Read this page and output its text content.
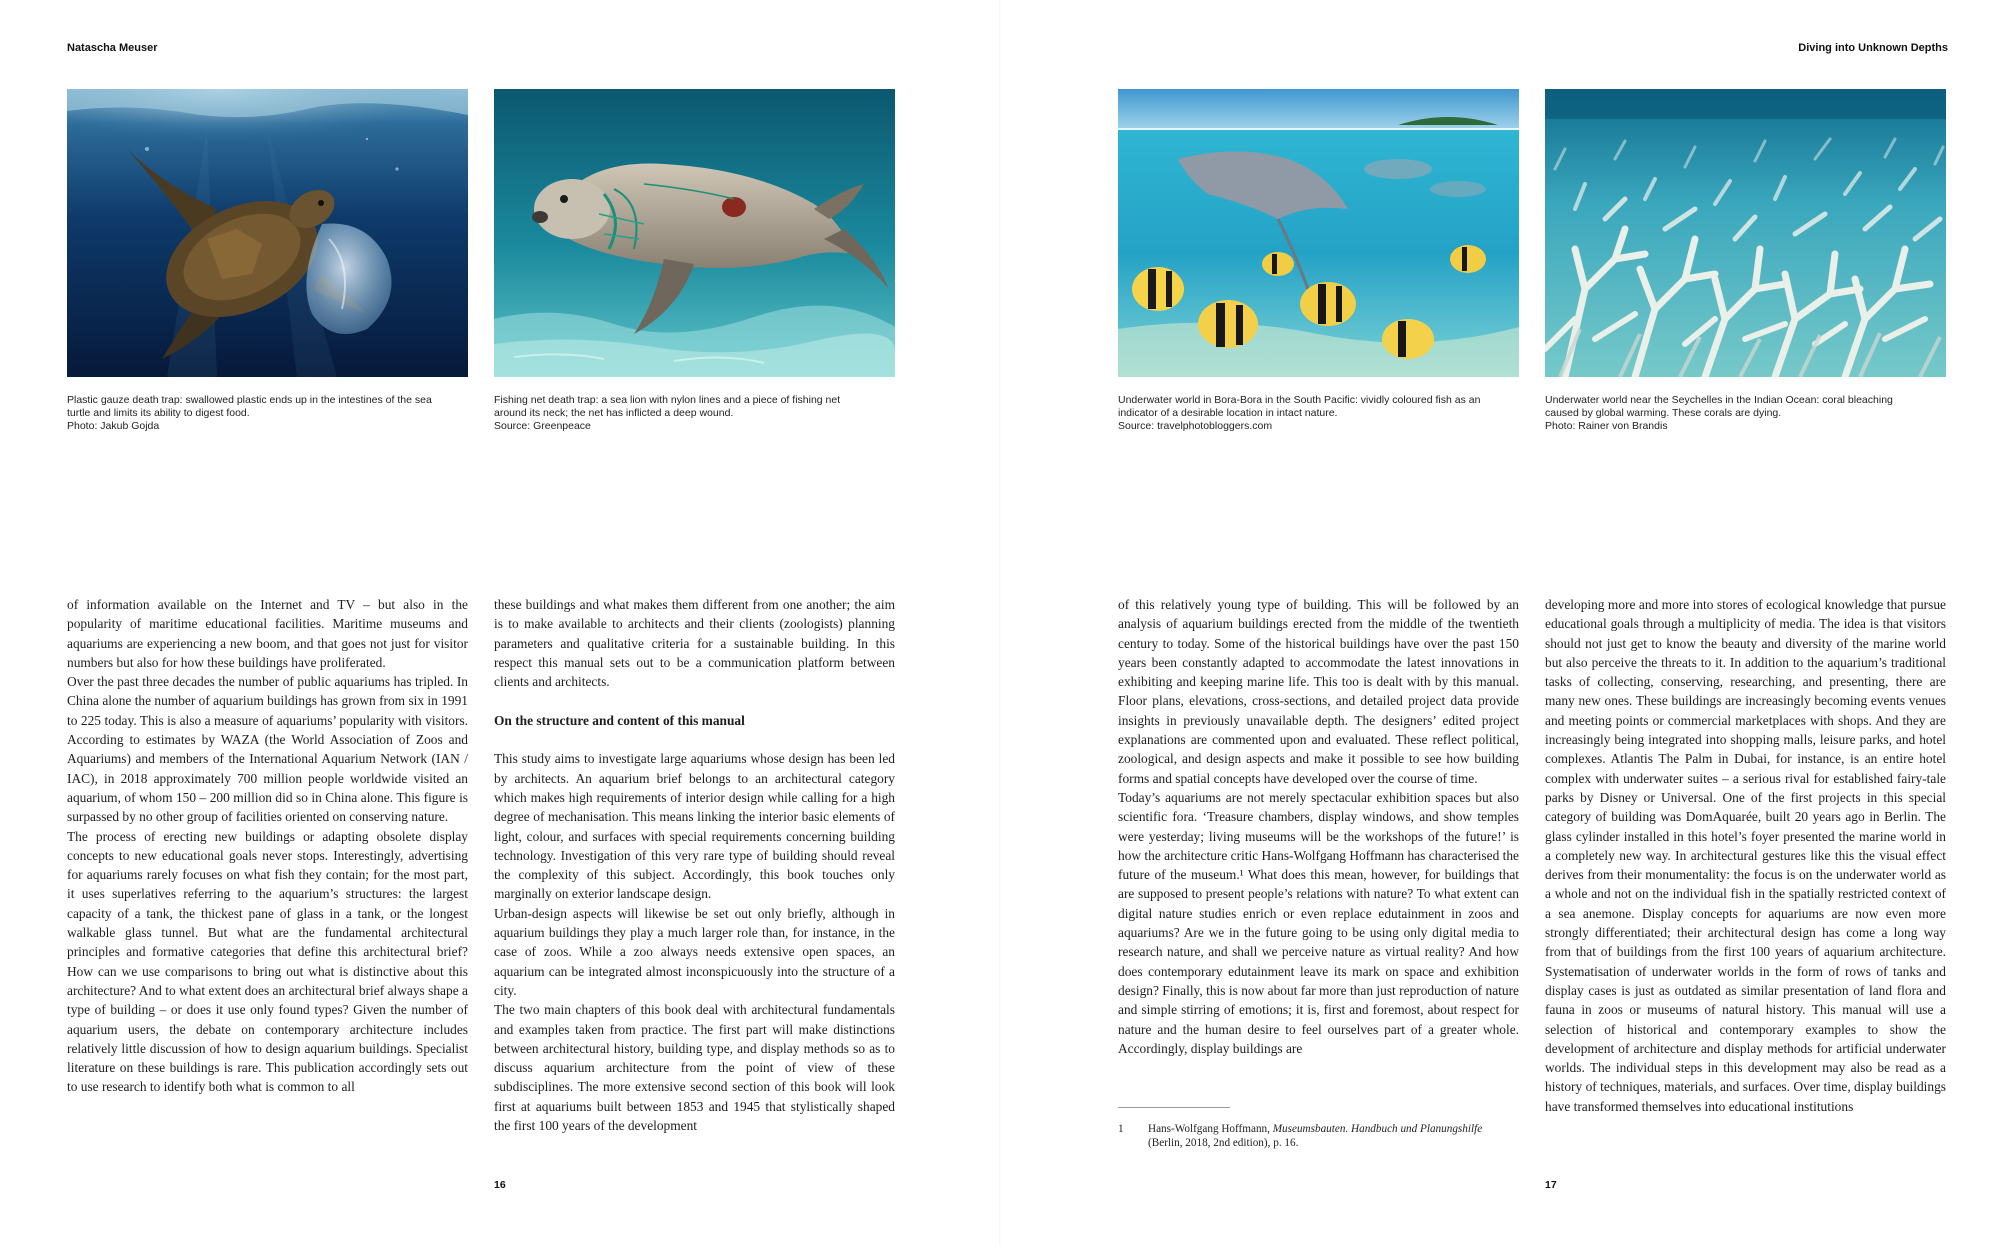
Natascha Meuser
Plastic gauze death trap: swallowed plastic ends up in the intestines of the sea
turtle and limits its ability to digest food.
Photo: Jakub Gojda
Fishing net death trap: a sea lion with nylon lines and a piece of fishing net
around its neck; the net has inflicted a deep wound.
Source: Greenpeace

of information available on the Internet and TV – but also in the popularity of maritime educational facilities. Maritime museums and aquariums are experiencing a new boom, and that goes not just for visitor numbers but also for how these buildings have proliferated.

Over the past three decades the number of public aquariums has tripled. In China alone the number of aquarium buildings has grown from six in 1991 to 225 today. This is also a measure of aquariums’ popularity with visitors. According to estimates by WAZA (the World Association of Zoos and Aquariums) and members of the International Aquarium Network (IAN / IAC), in 2018 approximately 700 million people worldwide visited an aquarium, of whom 150 – 200 million did so in China alone. This figure is surpassed by no other group of facilities oriented on conserving nature.

The process of erecting new buildings or adapting obsolete display concepts to new educational goals never stops. Interestingly, advertising for aquariums rarely focuses on what fish they contain; for the most part, it uses superlatives referring to the aquarium’s structures: the largest capacity of a tank, the thickest pane of glass in a tank, or the longest walkable glass tunnel. But what are the fundamental architectural principles and formative categories that define this architectural brief? How can we use comparisons to bring out what is distinctive about this architecture? And to what extent does an architectural brief always shape a type of building – or does it use only found types? Given the number of aquarium users, the debate on contemporary architecture includes relatively little discussion of how to design aquarium buildings. Specialist literature on these buildings is rare. This publication accordingly sets out to use research to identify both what is common to all

these buildings and what makes them different from one another; the aim is to make available to architects and their clients (zoologists) planning parameters and qualitative criteria for a sustainable building. In this respect this manual sets out to be a communication platform between clients and architects.

On the structure and content of this manual

This study aims to investigate large aquariums whose design has been led by architects. An aquarium brief belongs to an architectural category which makes high requirements of interior design while calling for a high degree of mechanisation. This means linking the interior basic elements of light, colour, and surfaces with special requirements concerning building technology. Investigation of this very rare type of building should reveal the complexity of this subject. Accordingly, this book touches only marginally on exterior landscape design.

Urban-design aspects will likewise be set out only briefly, although in aquarium buildings they play a much larger role than, for instance, in the case of zoos. While a zoo always needs extensive open spaces, an aquarium can be integrated almost inconspicuously into the structure of a city.

The two main chapters of this book deal with architectural fundamentals and examples taken from practice. The first part will make distinctions between architectural history, building type, and display methods so as to discuss aquarium architecture from the point of view of these subdisciplines. The more extensive second section of this book will look first at aquariums built between 1853 and 1945 that stylistically shaped the first 100 years of the development

16
Diving into Unknown Depths
Underwater world in Bora-Bora in the South Pacific: vividly coloured fish as an
indicator of a desirable location in intact nature.
Source: travelphotobloggers.com
Underwater world near the Seychelles in the Indian Ocean: coral bleaching
caused by global warming. These corals are dying.
Photo: Rainer von Brandis

of this relatively young type of building. This will be followed by an analysis of aquarium buildings erected from the middle of the twentieth century to today. Some of the historical buildings have over the past 150 years been constantly adapted to accommodate the latest innovations in exhibiting and keeping marine life. This too is dealt with by this manual. Floor plans, elevations, cross-sections, and detailed project data provide insights in previously unavailable depth. The designers’ edited project explanations are commented upon and evaluated. These reflect political, zoological, and design aspects and make it possible to see how building forms and spatial concepts have developed over the course of time.

Today’s aquariums are not merely spectacular exhibition spaces but also scientific fora. ‘Treasure chambers, display windows, and show temples were yesterday; living museums will be the workshops of the future!’ is how the architecture critic Hans-Wolfgang Hoffmann has characterised the future of the museum.¹ What does this mean, however, for buildings that are supposed to present people’s relations with nature? To what extent can digital nature studies enrich or even replace edutainment in zoos and aquariums? Are we in the future going to be using only digital media to research nature, and shall we perceive nature as virtual reality? And how does contemporary edutainment leave its mark on space and exhibition design? Finally, this is now about far more than just reproduction of nature and simple stirring of emotions; it is, first and foremost, about respect for nature and the human desire to feel ourselves part of a greater whole. Accordingly, display buildings are

developing more and more into stores of ecological knowledge that pursue educational goals through a multiplicity of media. The idea is that visitors should not just get to know the beauty and diversity of the marine world but also perceive the threats to it. In addition to the aquarium’s traditional tasks of collecting, conserving, researching, and presenting, there are many new ones. These buildings are increasingly becoming events venues and meeting points or commercial marketplaces with shops. And they are increasingly being integrated into shopping malls, leisure parks, and hotel complexes. Atlantis The Palm in Dubai, for instance, is an entire hotel complex with underwater suites – a serious rival for established fairy-tale parks by Disney or Universal. One of the first projects in this special category of building was DomAquarée, built 20 years ago in Berlin. The glass cylinder installed in this hotel’s foyer presented the marine world in a completely new way. In architectural gestures like this the visual effect derives from their monumentality: the focus is on the underwater world as a whole and not on the individual fish in the spatially restricted context of a sea anemone. Display concepts for aquariums are now even more strongly differentiated; their architectural design has come a long way from that of buildings from the first 100 years of aquarium architecture. Systematisation of underwater worlds in the form of rows of tanks and display cases is just as outdated as similar presentation of land flora and fauna in zoos or museums of natural history. This manual will use a selection of historical and contemporary examples to show the development of architecture and display methods for artificial underwater worlds. The individual steps in this development may also be read as a history of techniques, materials, and surfaces. Over time, display buildings have transformed themselves into educational institutions

1	Hans-Wolfgang Hoffmann, Museumsbauten. Handbuch und Planungshilfe (Berlin, 2018, 2nd edition), p. 16.
17
